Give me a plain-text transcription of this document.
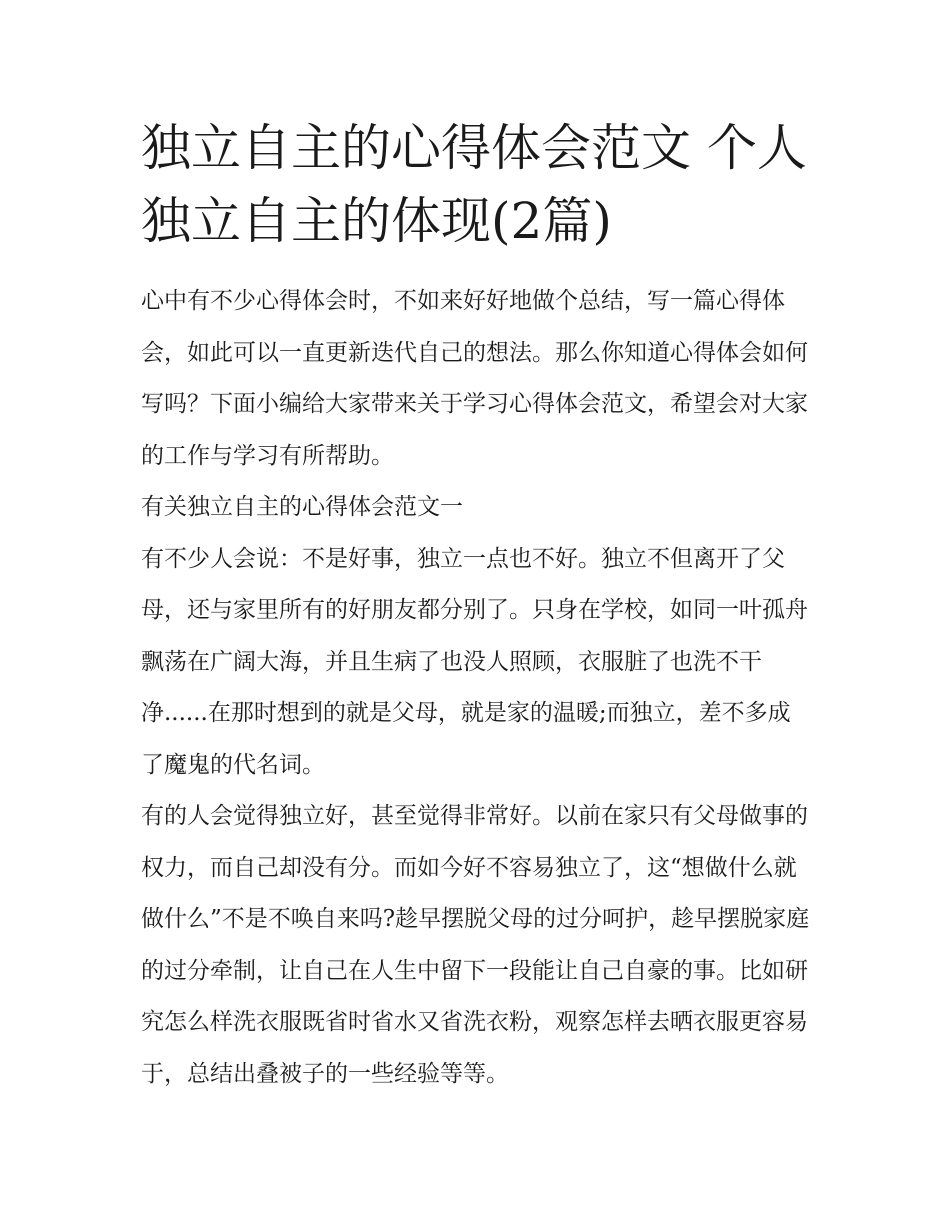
独立自主的心得体会范文 个人独立自主的体现(2篇)

心中有不少心得体会时，不如来好好地做个总结，写一篇心得体会，如此可以一直更新迭代自己的想法。那么你知道心得体会如何写吗？下面小编给大家带来关于学习心得体会范文，希望会对大家的工作与学习有所帮助。

有关独立自主的心得体会范文一

有不少人会说：不是好事，独立一点也不好。独立不但离开了父母，还与家里所有的好朋友都分别了。只身在学校，如同一叶孤舟飘荡在广阔大海，并且生病了也没人照顾，衣服脏了也洗不干净......在那时想到的就是父母，就是家的温暖;而独立，差不多成了魔鬼的代名词。

有的人会觉得独立好，甚至觉得非常好。以前在家只有父母做事的权力，而自己却没有分。而如今好不容易独立了，这“想做什么就做什么”不是不唤自来吗?趁早摆脱父母的过分呵护，趁早摆脱家庭的过分牵制，让自己在人生中留下一段能让自己自豪的事。比如研究怎么样洗衣服既省时省水又省洗衣粉，观察怎样去晒衣服更容易于，总结出叠被子的一些经验等等。
